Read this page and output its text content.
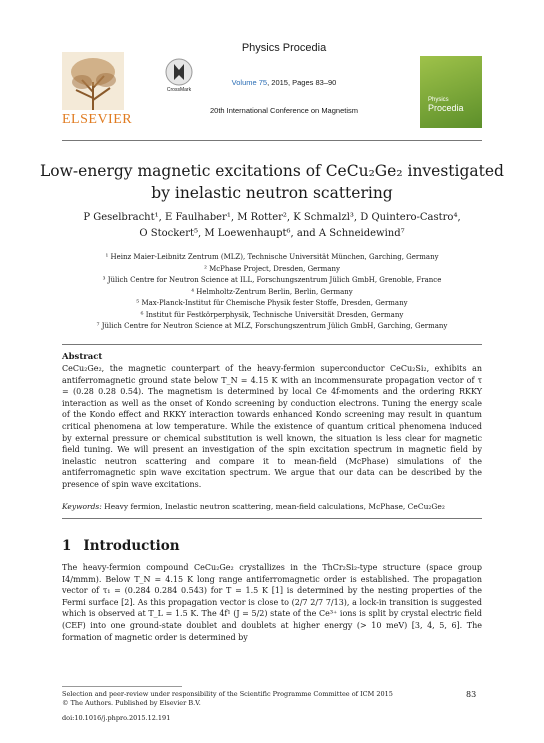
ELSEVIER
CrossMark
Physics Procedia
Volume 75, 2015, Pages 83–90
20th International Conference on Magnetism
Physics
Procedia
Low-energy magnetic excitations of CeCu₂Ge₂ investigated
by inelastic neutron scattering
P Geselbracht¹, E Faulhaber¹, M Rotter², K Schmalzl³, D Quintero-Castro⁴,
O Stockert⁵, M Loewenhaupt⁶, and A Schneidewind⁷
¹ Heinz Maier-Leibnitz Zentrum (MLZ), Technische Universität München, Garching, Germany
² McPhase Project, Dresden, Germany
³ Jülich Centre for Neutron Science at ILL, Forschungszentrum Jülich GmbH, Grenoble, France
⁴ Helmholtz-Zentrum Berlin, Berlin, Germany
⁵ Max-Planck-Institut für Chemische Physik fester Stoffe, Dresden, Germany
⁶ Institut für Festkörperphysik, Technische Universität Dresden, Germany
⁷ Jülich Centre for Neutron Science at MLZ, Forschungszentrum Jülich GmbH, Garching, Germany
Abstract
CeCu₂Ge₂, the magnetic counterpart of the heavy-fermion superconductor CeCu₂Si₂, exhibits an antiferromagnetic ground state below T_N = 4.15 K with an incommensurate propagation vector of τ = (0.28 0.28 0.54). The magnetism is determined by local Ce 4f-moments and the ordering RKKY interaction as well as the onset of Kondo screening by conduction electrons. Tuning the energy scale of the Kondo effect and RKKY interaction towards enhanced Kondo screening may result in quantum critical phenomena at low temperature. While the existence of quantum critical phenomena induced by external pressure or chemical substitution is well known, the situation is less clear for magnetic field tuning. We will present an investigation of the spin excitation spectrum in magnetic field by inelastic neutron scattering and compare it to mean-field (McPhase) simulations of the antiferromagnetic spin wave excitation spectrum. We argue that our data can be described by the presence of spin wave excitations.
Keywords: Heavy fermion, Inelastic neutron scattering, mean-field calculations, McPhase, CeCu₂Ge₂
1 Introduction
The heavy-fermion compound CeCu₂Ge₂ crystallizes in the ThCr₂Si₂-type structure (space group I4/mmm). Below T_N = 4.15 K long range antiferromagnetic order is established. The propagation vector of τ₁ = (0.284 0.284 0.543) for T = 1.5 K [1] is determined by the nesting properties of the Fermi surface [2]. As this propagation vector is close to (2/7 2/7 7/13), a lock-in transition is suggested which is observed at T_L = 1.5 K. The 4f¹ (J = 5/2) state of the Ce³⁺ ions is split by crystal electric field (CEF) into one ground-state doublet and doublets at higher energy (> 10 meV) [3, 4, 5, 6]. The formation of magnetic order is determined by
Selection and peer-review under responsibility of the Scientific Programme Committee of ICM 2015
© The Authors. Published by Elsevier B.V.
83
doi:10.1016/j.phpro.2015.12.191
